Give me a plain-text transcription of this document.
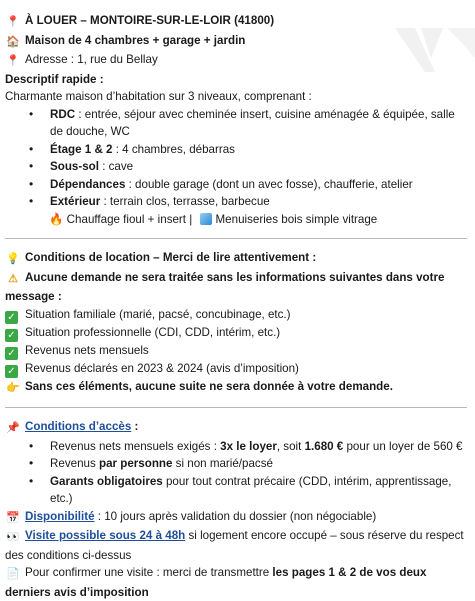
📍 À LOUER – MONTOIRE-SUR-LE-LOIR (41800)
🏠 Maison de 4 chambres + garage + jardin
📍 Adresse : 1, rue du Bellay
Descriptif rapide :
Charmante maison d’habitation sur 3 niveaux, comprenant :
• RDC : entrée, séjour avec cheminée insert, cuisine aménagée & équipée, salle de douche, WC
• Étage 1 & 2 : 4 chambres, débarras
• Sous-sol : cave
• Dépendances : double garage (dont un avec fosse), chaufferie, atelier
• Extérieur : terrain clos, terrasse, barbecue
🔥 Chauffage fioul + insert | Menuiseries bois simple vitrage
💡 Conditions de location – Merci de lire attentivement :
⚠ Aucune demande ne sera traitée sans les informations suivantes dans votre message :
✓ Situation familiale (marié, pacsé, concubinage, etc.)
✓ Situation professionnelle (CDI, CDD, intérim, etc.)
✓ Revenus nets mensuels
✓ Revenus déclarés en 2023 & 2024 (avis d’imposition)
👉 Sans ces éléments, aucune suite ne sera donnée à votre demande.
📌 Conditions d’accès :
• Revenus nets mensuels exigés : 3x le loyer, soit 1.680 € pour un loyer de 560 €
• Revenus par personne si non marié/pacsé
• Garants obligatoires pour tout contrat précaire (CDD, intérim, apprentissage, etc.)
📅 Disponibilité : 10 jours après validation du dossier (non négociable)
👀 Visite possible sous 24 à 48h si logement encore occupé – sous réserve du respect des conditions ci-dessus
📄 Pour confirmer une visite : merci de transmettre les pages 1 & 2 de vos deux derniers avis d’imposition
